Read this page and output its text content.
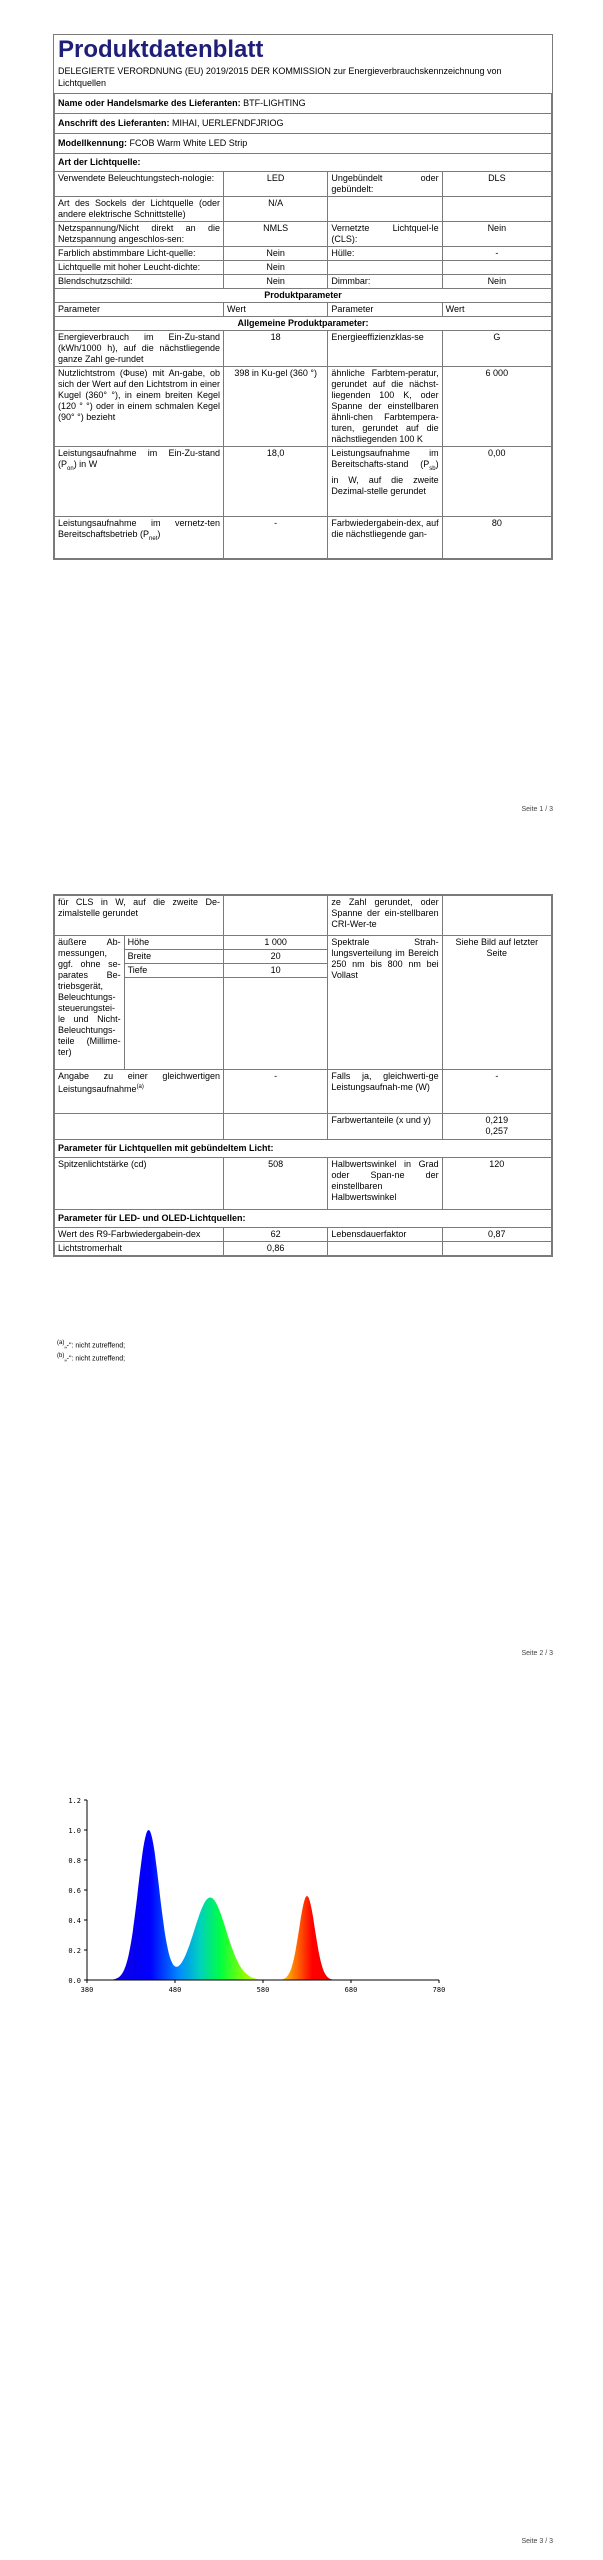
Produktdatenblatt
DELEGIERTE VERORDNUNG (EU) 2019/2015 DER KOMMISSION zur Energieverbrauchskennzeichnung von Lichtquellen
Name oder Handelsmarke des Lieferanten: BTF-LIGHTING			
Anschrift des Lieferanten: MIHAI, UERLEFNDFJRIOG			
Modellkennung: FCOB Warm White LED Strip			
Art der Lichtquelle:			
Verwendete Beleuchtungstech-nologie:	LED	Ungebündelt oder gebündelt:	DLS
Art des Sockels der Lichtquelle (oder andere elektrische Schnittstelle)	N/A		
Netzspannung/Nicht direkt an die Netzspannung angeschlos-sen:	NMLS	Vernetzte Lichtquel-le (CLS):	Nein
Farblich abstimmbare Licht-quelle:	Nein	Hülle:	-
Lichtquelle mit hoher Leucht-dichte:	Nein		
Blendschutzschild:	Nein	Dimmbar:	Nein
Produktparameter			
Parameter	Wert	Parameter	Wert
Allgemeine Produktparameter:			
Energieverbrauch im Ein-Zu-stand (kWh/1000 h), auf die nächstliegende ganze Zahl ge-rundet	18	Energieeffizienzklas-se	G
Nutzlichtstrom (Φuse) mit An-gabe, ob sich der Wert auf den Lichtstrom in einer Kugel (360° °), in einem breiten Kegel (120 ° °) oder in einem schmalen Kegel (90° °) bezieht	398 in Ku-gel (360 °)	ähnliche Farbtem-peratur, gerundet auf die nächst-liegenden 100 K, oder Spanne der einstellbaren ähnli-chen Farbtempera-turen, gerundet auf die nächstliegenden 100 K	6 000
Leistungsaufnahme im Ein-Zu-stand $(P_{on})$ in W	18,0	Leistungsaufnahme im Bereitschafts-stand $(P_{sb})$ in W, auf die zweite Dezimal-stelle gerundet	0,00
Leistungsaufnahme im vernetz-ten Bereitschaftsbetrieb $(P_{net})$	-	Farbwiedergabein-dex, auf die nächstliegende gan-	80
Seite 1 / 3
für CLS in W, auf die zweite De-zimalstelle gerundet			ze Zahl gerundet, oder Spanne der ein-stellbaren CRI-Wer-te	
äußere Ab-messungen, ggf. ohne se-parates Be-triebsgerät, Beleuchtungs-steuerungstei-le und Nicht-Beleuchtungs-teile (Millime-ter)	Höhe	1 000	Spektrale Strah-lungsverteilung im Bereich 250 nm bis 800 nm bei Vollast	Siehe Bild auf letzter Seite
	Breite	20		
	Tiefe	10		

Angabe zu einer gleichwertigen Leistungsaufnahme$^{(a)}$		-	Falls ja, gleichwerti-ge Leistungsaufnah-me (W)	-
			Farbwertanteile (x und y)	0,219
0,257

Parameter für Lichtquellen mit gebündeltem Licht:				
Spitzenlichtstärke (cd)		508	Halbwertswinkel in Grad oder Span-ne der einstellbaren Halbwertswinkel	120
Parameter für LED- und OLED-Lichtquellen:				
Wert des R9-Farbwiedergabein-dex		62	Lebensdauerfaktor	0,87
Lichtstromerhalt		0,86		
$^{(a)}$„-": nicht zutreffend;
$^{(b)}$„-": nicht zutreffend;
Seite 2 / 3
Seite 3 / 3
0.0
0.2
0.4
0.6
0.8
1.0
1.2
380	480	580	680	780
